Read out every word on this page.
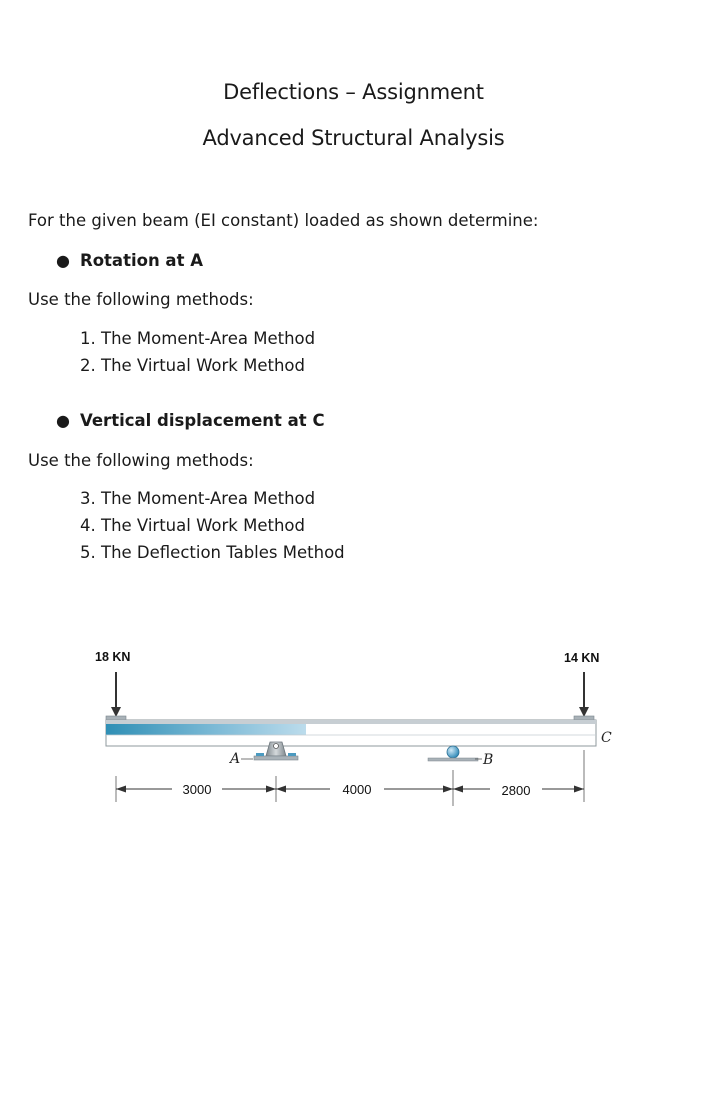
Deflections – Assignment
Advanced Structural Analysis
For the given beam (EI constant) loaded as shown determine:
● Rotation at A
Use the following methods:
1. The Moment-Area Method
2. The Virtual Work Method
● Vertical displacement at C
Use the following methods:
3. The Moment-Area Method
4. The Virtual Work Method
5. The Deflection Tables Method
18 KN	14 KN
A	B
C
3000	4000	2800
